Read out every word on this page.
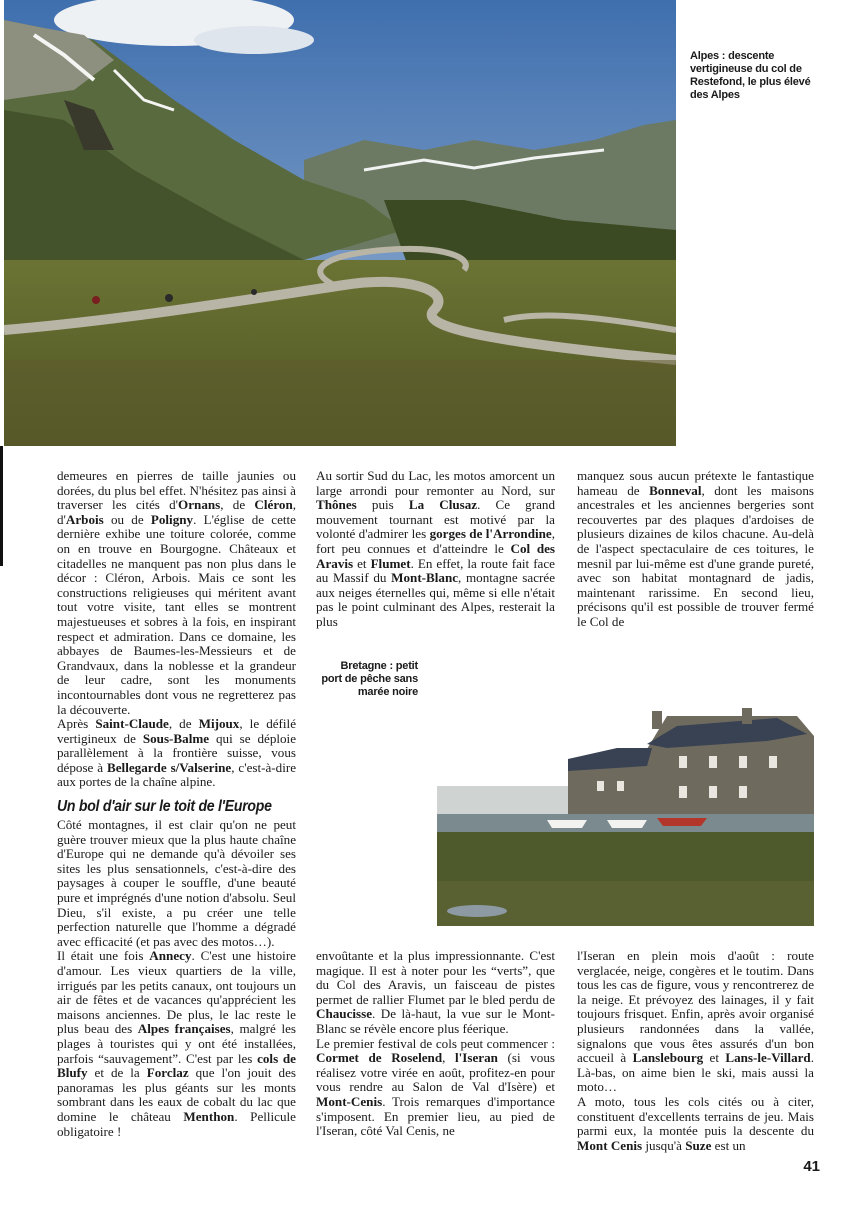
Alpes : descente vertigineuse du col de Restefond, le plus élevé des Alpes
Bretagne : petit port de pêche sans marée noire

demeures en pierres de taille jaunies ou dorées, du plus bel effet. N'hésitez pas ainsi à traverser les cités d'Ornans, de Cléron, d'Arbois ou de Poligny. L'église de cette dernière exhibe une toiture colorée, comme on en trouve en Bourgogne. Châteaux et citadelles ne manquent pas non plus dans le décor : Cléron, Arbois. Mais ce sont les constructions religieuses qui méritent avant tout votre visite, tant elles se montrent majestueuses et sobres à la fois, en inspirant respect et admiration. Dans ce domaine, les abbayes de Baumes-les-Messieurs et de Grandvaux, dans la noblesse et la grandeur de leur cadre, sont les monuments incontournables dont vous ne regretterez pas la découverte.

Après Saint-Claude, de Mijoux, le défilé vertigineux de Sous-Balme qui se déploie parallèlement à la frontière suisse, vous dépose à Bellegarde s/Valserine, c'est-à-dire aux portes de la chaîne alpine.

Un bol d'air sur le toit de l'Europe

Côté montagnes, il est clair qu'on ne peut guère trouver mieux que la plus haute chaîne d'Europe qui ne demande qu'à dévoiler ses sites les plus sensationnels, c'est-à-dire des paysages à couper le souffle, d'une beauté pure et imprégnés d'une notion d'absolu. Seul Dieu, s'il existe, a pu créer une telle perfection naturelle que l'homme a dégradé avec efficacité (et pas avec des motos…).

Il était une fois Annecy. C'est une histoire d'amour. Les vieux quartiers de la ville, irrigués par les petits canaux, ont toujours un air de fêtes et de vacances qu'apprécient les maisons anciennes. De plus, le lac reste le plus beau des Alpes françaises, malgré les plages à touristes qui y ont été installées, parfois “sauvagement”. C'est par les cols de Blufy et de la Forclaz que l'on jouit des panoramas les plus géants sur les monts sombrant dans les eaux de cobalt du lac que domine le château Menthon. Pellicule obligatoire !

Au sortir Sud du Lac, les motos amorcent un large arrondi pour remonter au Nord, sur Thônes puis La Clusaz. Ce grand mouvement tournant est motivé par la volonté d'admirer les gorges de l'Arrondine, fort peu connues et d'atteindre le Col des Aravis et Flumet. En effet, la route fait face au Massif du Mont-Blanc, montagne sacrée aux neiges éternelles qui, même si elle n'était pas le point culminant des Alpes, resterait la plus

manquez sous aucun prétexte le fantastique hameau de Bonneval, dont les maisons ancestrales et les anciennes bergeries sont recouvertes par des plaques d'ardoises de plusieurs dizaines de kilos chacune. Au-delà de l'aspect spectaculaire de ces toitures, le mesnil par lui-même est d'une grande pureté, avec son habitat montagnard de jadis, maintenant rarissime. En second lieu, précisons qu'il est possible de trouver fermé le Col de

envoûtante et la plus impressionnante. C'est magique. Il est à noter pour les “verts”, que du Col des Aravis, un faisceau de pistes permet de rallier Flumet par le bled perdu de Chaucisse. De là-haut, la vue sur le Mont-Blanc se révèle encore plus féerique.

Le premier festival de cols peut commencer : Cormet de Roselend, l'Iseran (si vous réalisez votre virée en août, profitez-en pour vous rendre au Salon de Val d'Isère) et Mont-Cenis. Trois remarques d'importance s'imposent. En premier lieu, au pied de l'Iseran, côté Val Cenis, ne

l'Iseran en plein mois d'août : route verglacée, neige, congères et le toutim. Dans tous les cas de figure, vous y rencontrerez de la neige. Et prévoyez des lainages, il y fait toujours frisquet. Enfin, après avoir organisé plusieurs randonnées dans la vallée, signalons que vous êtes assurés d'un bon accueil à Lanslebourg et Lans-le-Villard. Là-bas, on aime bien le ski, mais aussi la moto…

A moto, tous les cols cités ou à citer, constituent d'excellents terrains de jeu. Mais parmi eux, la montée puis la descente du Mont Cenis jusqu'à Suze est un

41
